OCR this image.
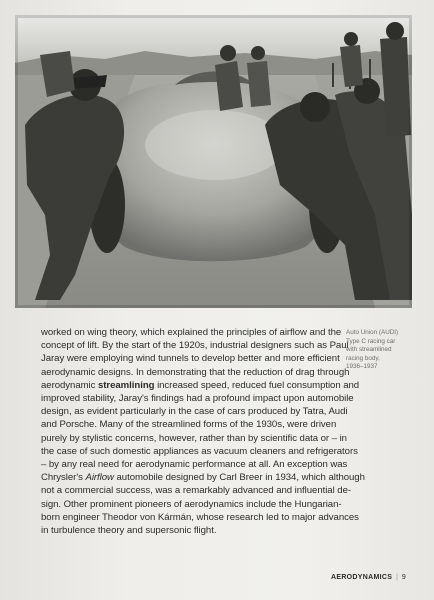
worked on wing theory, which explained the principles of airflow and the
concept of lift. By the start of the 1920s, industrial designers such as Paul
Jaray were employing wind tunnels to develop better and more efficient
aerodynamic designs. In demonstrating that the reduction of drag through
aerodynamic streamlining increased speed, reduced fuel consumption and
improved stability, Jaray's findings had a profound impact upon automobile
design, as evident particularly in the case of cars produced by Tatra, Audi
and Porsche. Many of the streamlined forms of the 1930s, were driven
purely by stylistic concerns, however, rather than by scientific data or – in
the case of such domestic appliances as vacuum cleaners and refrigerators
– by any real need for aerodynamic performance at all. An exception was
Chrysler's Airflow automobile designed by Carl Breer in 1934, which although
not a commercial success, was a remarkably advanced and influential de-
sign. Other prominent pioneers of aerodynamics include the Hungarian-
born engineer Theodor von Kármán, whose research led to major advances
in turbulence theory and supersonic flight.
Auto Union (AUDI)
Type C racing car
with streamlined
racing body,
1936–1937
AERODYNAMICS | 9
